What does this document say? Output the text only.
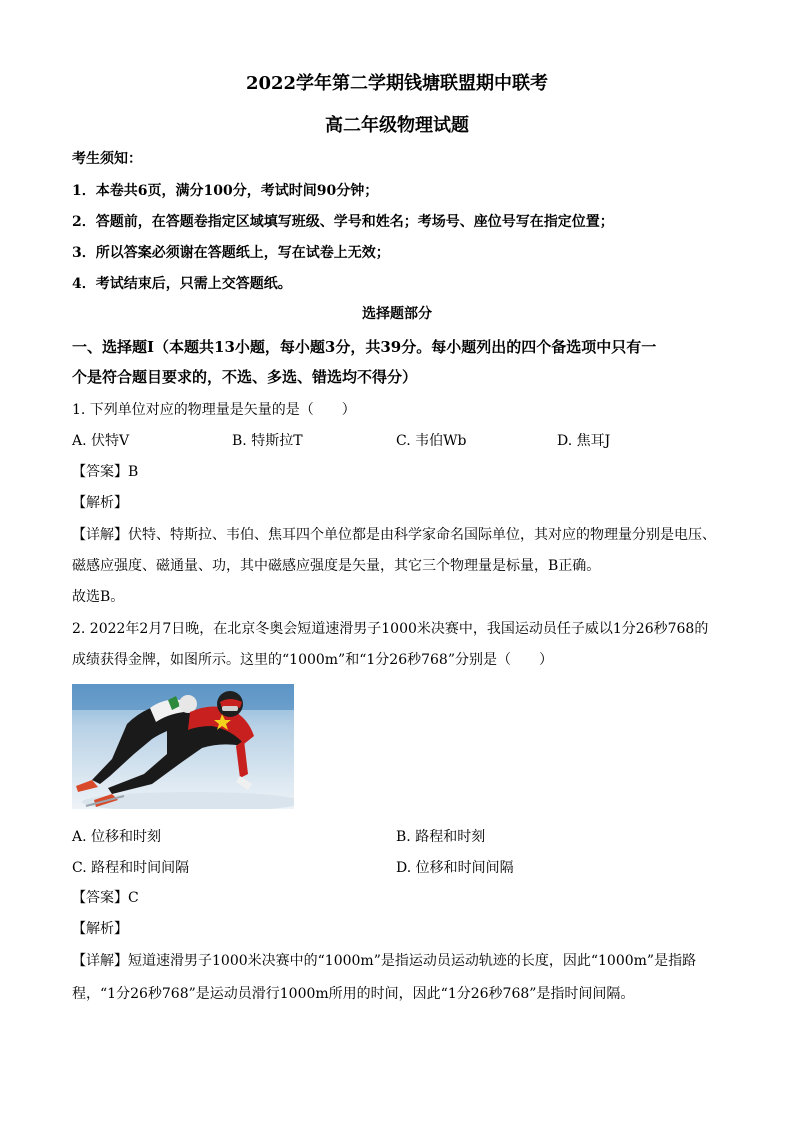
2022学年第二学期钱塘联盟期中联考
高二年级物理试题
考生须知：
1．本卷共6页，满分100分，考试时间90分钟；
2．答题前，在答题卷指定区域填写班级、学号和姓名；考场号、座位号写在指定位置；
3．所以答案必须谢在答题纸上，写在试卷上无效；
4．考试结束后，只需上交答题纸。
选择题部分
一、选择题Ⅰ（本题共13小题，每小题3分，共39分。每小题列出的四个备选项中只有一
个是符合题目要求的，不选、多选、错选均不得分）
1. 下列单位对应的物理量是矢量的是（　　）
A. 伏特V	B. 特斯拉T	C. 韦伯Wb	D. 焦耳J
【答案】B
【解析】
【详解】伏特、特斯拉、韦伯、焦耳四个单位都是由科学家命名国际单位，其对应的物理量分别是电压、
磁感应强度、磁通量、功，其中磁感应强度是矢量，其它三个物理量是标量，B正确。
故选B。
2. 2022年2月7日晚，在北京冬奥会短道速滑男子1000米决赛中，我国运动员任子威以1分26秒768的
成绩获得金牌，如图所示。这里的“1000m”和“1分26秒768”分别是（　　）
A. 位移和时刻	B. 路程和时刻
C. 路程和时间间隔	D. 位移和时间间隔
【答案】C
【解析】
【详解】短道速滑男子1000米决赛中的“1000m”是指运动员运动轨迹的长度，因此“1000m”是指路
程，“1分26秒768”是运动员滑行1000m所用的时间，因此“1分26秒768”是指时间间隔。
